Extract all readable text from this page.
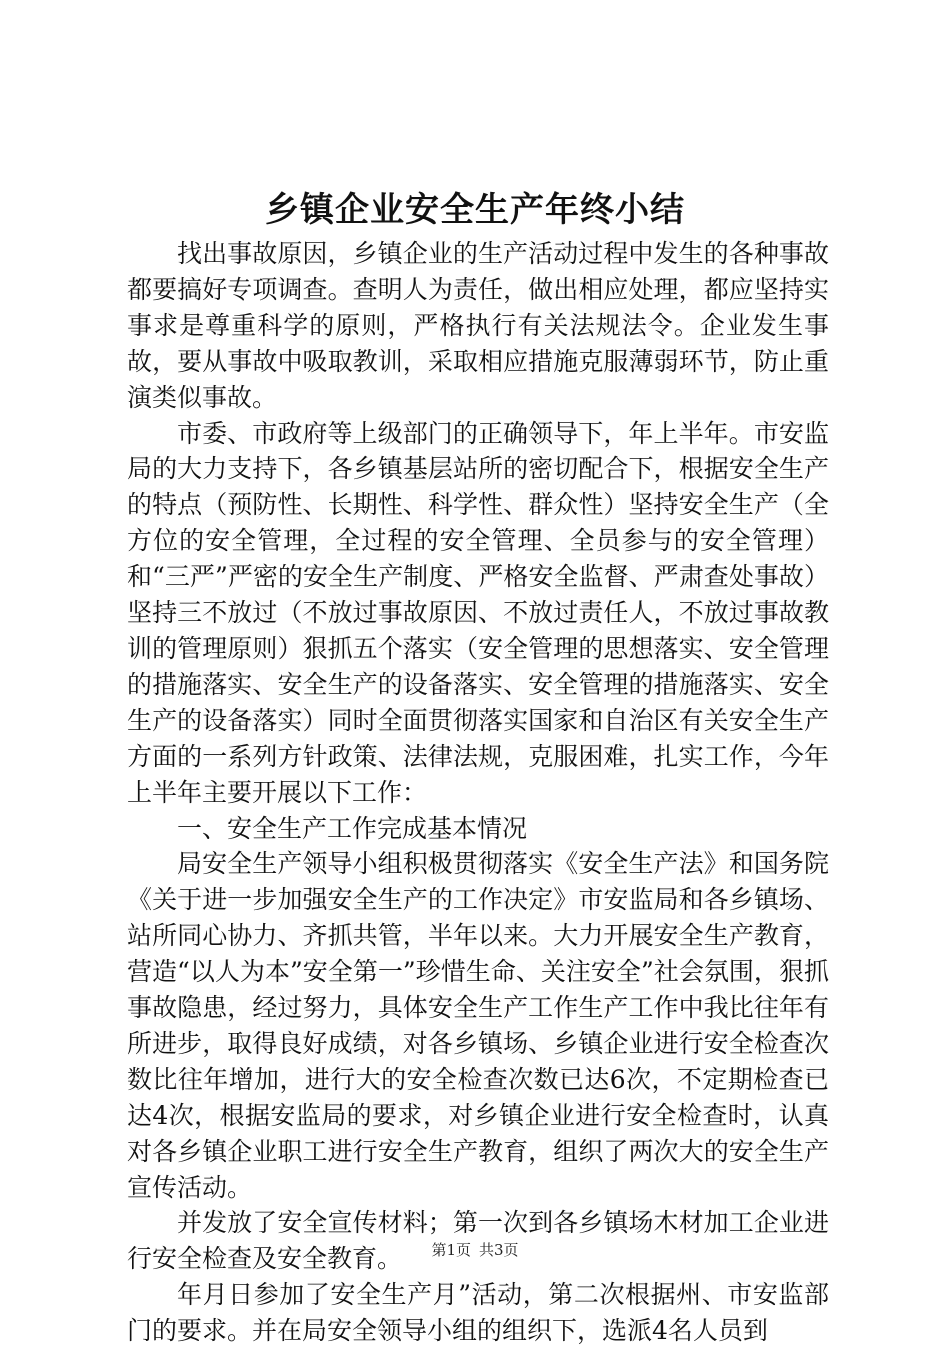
乡镇企业安全生产年终小结

找出事故原因，乡镇企业的生产活动过程中发生的各种事故都要搞好专项调查。查明人为责任，做出相应处理，都应坚持实事求是尊重科学的原则，严格执行有关法规法令。企业发生事故，要从事故中吸取教训，采取相应措施克服薄弱环节，防止重演类似事故。

市委、市政府等上级部门的正确领导下，年上半年。市安监局的大力支持下，各乡镇基层站所的密切配合下，根据安全生产的特点（预防性、长期性、科学性、群众性）坚持安全生产（全方位的安全管理，全过程的安全管理、全员参与的安全管理）和“三严”严密的安全生产制度、严格安全监督、严肃查处事故）坚持三不放过（不放过事故原因、不放过责任人，不放过事故教训的管理原则）狠抓五个落实（安全管理的思想落实、安全管理的措施落实、安全生产的设备落实、安全管理的措施落实、安全生产的设备落实）同时全面贯彻落实国家和自治区有关安全生产方面的一系列方针政策、法律法规，克服困难，扎实工作，今年上半年主要开展以下工作：

一、安全生产工作完成基本情况

局安全生产领导小组积极贯彻落实《安全生产法》和国务院《关于进一步加强安全生产的工作决定》市安监局和各乡镇场、站所同心协力、齐抓共管，半年以来。大力开展安全生产教育，营造“以人为本”安全第一”珍惜生命、关注安全”社会氛围，狠抓事故隐患，经过努力，具体安全生产工作生产工作中我比往年有所进步，取得良好成绩，对各乡镇场、乡镇企业进行安全检查次数比往年增加，进行大的安全检查次数已达6次，不定期检查已达4次，根据安监局的要求，对乡镇企业进行安全检查时，认真对各乡镇企业职工进行安全生产教育，组织了两次大的安全生产宣传活动。

并发放了安全宣传材料；第一次到各乡镇场木材加工企业进行安全检查及安全教育。

年月日参加了安全生产月”活动，第二次根据州、市安监部门的要求。并在局安全领导小组的组织下，选派4名人员到

第1页 共3页
